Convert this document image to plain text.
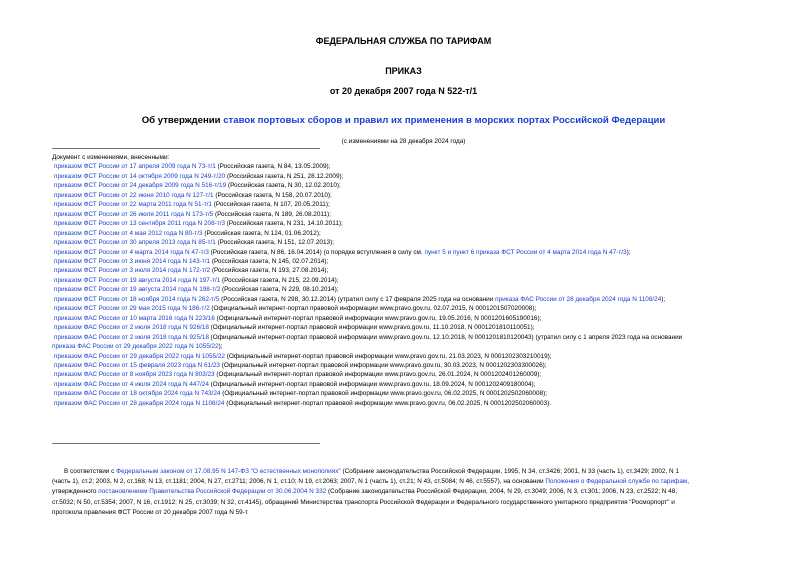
ФЕДЕРАЛЬНАЯ СЛУЖБА ПО ТАРИФАМ
ПРИКАЗ
от 20 декабря 2007 года N 522-т/1
Об утверждении ставок портовых сборов и правил их применения в морских портах Российской Федерации
(с изменениями на 28 декабря 2024 года)
Документ с изменениями, внесенными:
приказом ФСТ России от 17 апреля 2009 года N 73-т/1 (Российская газета, N 84, 13.05.2009);
приказом ФСТ России от 14 октября 2009 года N 249-т/20 (Российская газета, N 251, 28.12.2009);
приказом ФСТ России от 24 декабря 2009 года N 516-т/19 (Российская газета, N 30, 12.02.2010);
приказом ФСТ России от 22 июня 2010 года N 127-т/1 (Российская газета, N 158, 20.07.2010);
приказом ФСТ России от 22 марта 2011 года N 51-т/1 (Российская газета, N 107, 20.05.2011);
приказом ФСТ России от 26 июля 2011 года N 173-т/5 (Российская газета, N 189, 26.08.2011);
приказом ФСТ России от 13 сентября 2011 года N 208-т/3 (Российская газета, N 231, 14.10.2011);
приказом ФСТ России от 4 мая 2012 года N 80-т/3 (Российская газета, N 124, 01.06.2012);
приказом ФСТ России от 30 апреля 2013 года N 85-т/1 (Российская газета, N 151, 12.07.2013);
приказом ФСТ России от 4 марта 2014 года N 47-т/3 (Российская газета, N 86, 16.04.2014) (о порядке вступления в силу см. пункт 5 и пункт 6 приказа ФСТ России от 4 марта 2014 года N 47-т/3);
приказом ФСТ России от 3 июня 2014 года N 143-т/1 (Российская газета, N 145, 02.07.2014);
приказом ФСТ России от 3 июля 2014 года N 172-т/2 (Российская газета, N 193, 27.08.2014);
приказом ФСТ России от 19 августа 2014 года N 197-т/1 (Российская газета, N 215, 22.09.2014);
приказом ФСТ России от 19 августа 2014 года N 198-т/2 (Российская газета, N 229, 08.10.2014);
приказом ФСТ России от 18 ноября 2014 года N 262-т/5 (Российская газета, N 298, 30.12.2014) (утратил силу с 17 февраля 2025 года на основании приказа ФАС России от 28 декабря 2024 года N 1108/24);
приказом ФСТ России от 29 мая 2015 года N 186-т/2 (Официальный интернет-портал правовой информации www.pravo.gov.ru, 02.07.2015, N 0001201507020008);
приказом ФАС России от 10 марта 2016 года N 223/16 (Официальный интернет-портал правовой информации www.pravo.gov.ru, 19.05.2016, N 0001201605190016);
приказом ФАС России от 2 июля 2018 года N 926/18 (Официальный интернет-портал правовой информации www.pravo.gov.ru, 11.10.2018, N 0001201810110051);
приказом ФАС России от 2 июля 2018 года N 925/18 (Официальный интернет-портал правовой информации www.pravo.gov.ru, 12.10.2018, N 0001201810120043) (утратил силу с 1 апреля 2023 года на основании
приказа ФАС России от 29 декабря 2022 года N 1055/22);
приказом ФАС России от 29 декабря 2022 года N 1055/22 (Официальный интернет-портал правовой информации www.pravo.gov.ru, 21.03.2023, N 0001202303210019);
приказом ФАС России от 15 февраля 2023 года N 61/23 (Официальный интернет-портал правовой информации www.pravo.gov.ru, 30.03.2023, N 0001202303300026);
приказом ФАС России от 8 ноября 2023 года N 803/23 (Официальный интернет-портал правовой информации www.pravo.gov.ru, 26.01.2024, N 0001202401260009);
приказом ФАС России от 4 июля 2024 года N 447/24 (Официальный интернет-портал правовой информации www.pravo.gov.ru, 18.09.2024, N 0001202409180004);
приказом ФАС России от 18 октября 2024 года N 743/24 (Официальный интернет-портал правовой информации www.pravo.gov.ru, 06.02.2025, N 0001202502060008);
приказом ФАС России от 28 декабря 2024 года N 1108/24 (Официальный интернет-портал правовой информации www.pravo.gov.ru, 06.02.2025, N 0001202502060003).
В соответствии с Федеральным законом от 17.08.95 N 147-ФЗ "О естественных монополиях" (Собрание законодательства Российской Федерации, 1995, N 34, ст.3426; 2001, N 33 (часть 1), ст.3429; 2002, N 1
(часть 1), ст.2; 2003, N 2, ст.168; N 13, ст.1181; 2004, N 27, ст.2711; 2006, N 1, ст.10; N 19, ст.2063; 2007, N 1 (часть 1), ст.21; N 43, ст.5084; N 46, ст.5557), на основании Положения о Федеральной службе по тарифам,
утвержденного постановлением Правительства Российской Федерации от 30.06.2004 N 332 (Собрание законодательства Российской Федерации, 2004, N 29, ст.3049; 2006, N 3, ст.301; 2006, N 23, ст.2522; N 48,
ст.5032; N 50, ст.5354; 2007, N 16, ст.1912; N 25, ст.3039; N 32, ст.4145), обращений Министерства транспорта Российской Федерации и Федерального государственного унитарного предприятия "Росморпорт" и
протокола правления ФСТ России от 20 декабря 2007 года N 59-т
